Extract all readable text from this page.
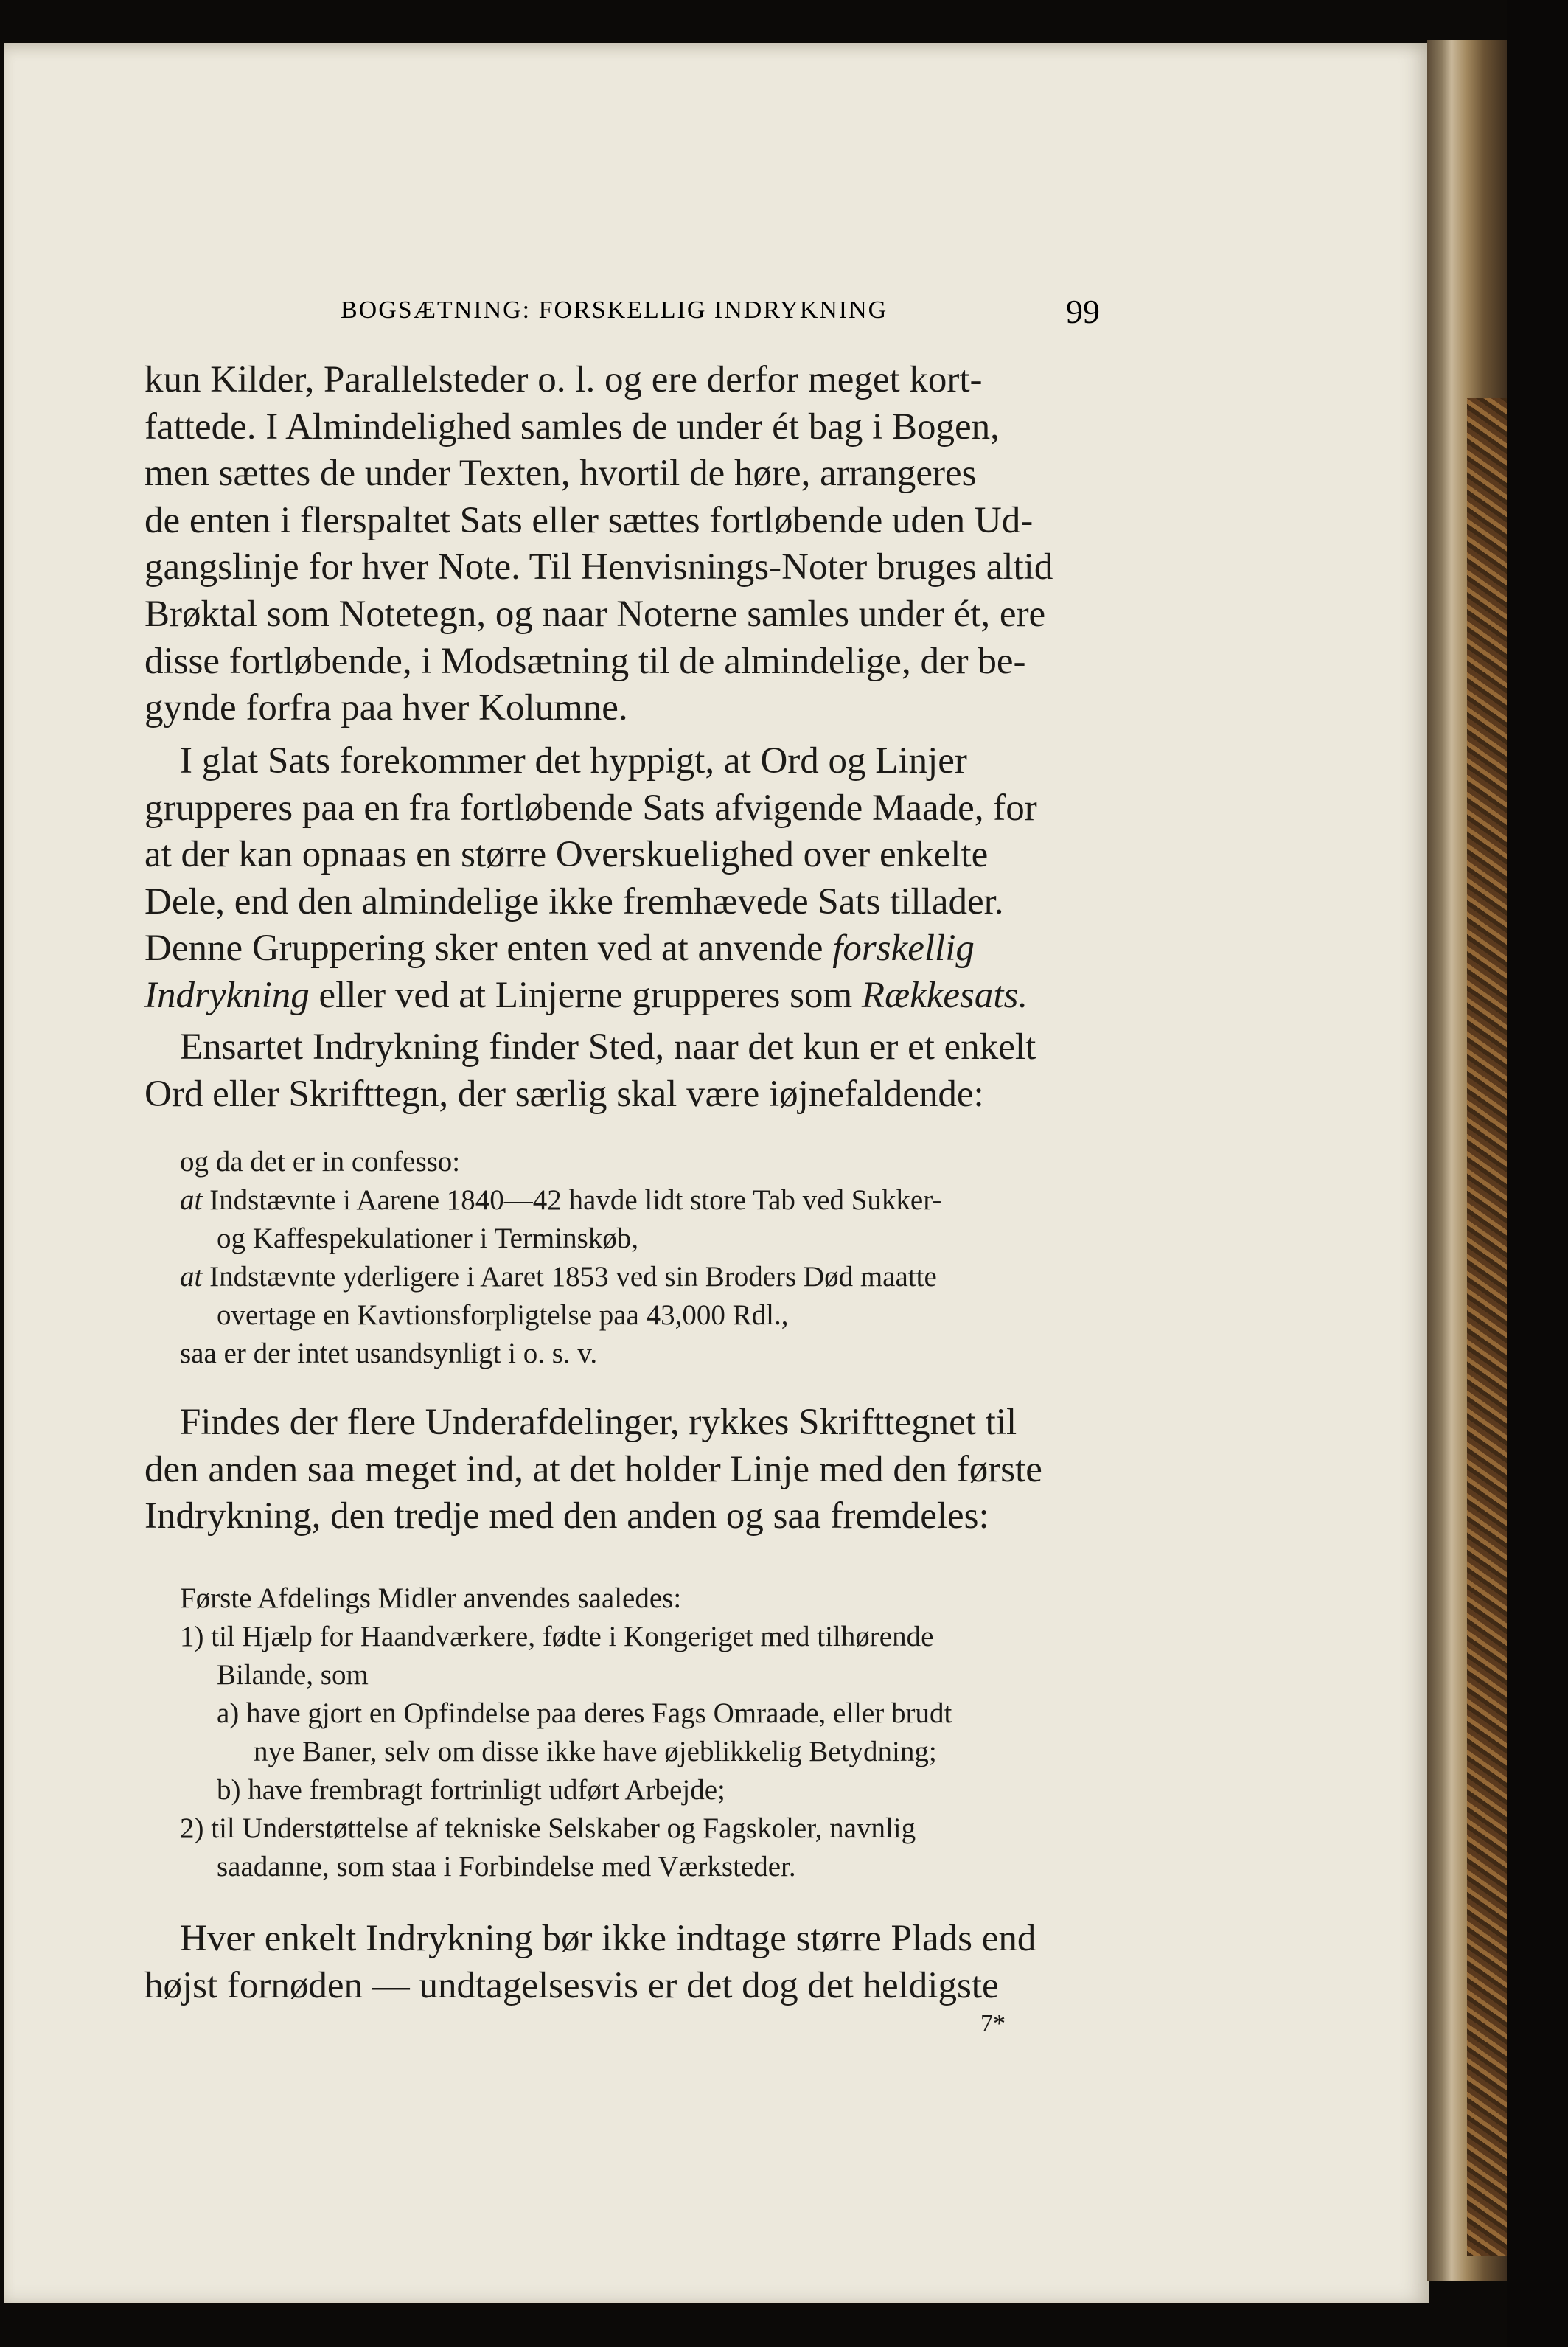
BOGSÆTNING: FORSKELLIG INDRYKNING	99
kun Kilder, Parallelsteder o. l. og ere derfor meget kort-
fattede. I Almindelighed samles de under ét bag i Bogen,
men sættes de under Texten, hvortil de høre, arrangeres
de enten i flerspaltet Sats eller sættes fortløbende uden Ud-
gangslinje for hver Note. Til Henvisnings-Noter bruges altid
Brøktal som Notetegn, og naar Noterne samles under ét, ere
disse fortløbende, i Modsætning til de almindelige, der be-
gynde forfra paa hver Kolumne.
I glat Sats forekommer det hyppigt, at Ord og Linjer
grupperes paa en fra fortløbende Sats afvigende Maade, for
at der kan opnaas en større Overskuelighed over enkelte
Dele, end den almindelige ikke fremhævede Sats tillader.
Denne Gruppering sker enten ved at anvende forskellig
Indrykning eller ved at Linjerne grupperes som Rækkesats.
Ensartet Indrykning finder Sted, naar det kun er et enkelt
Ord eller Skrifttegn, der særlig skal være iøjnefaldende:
og da det er in confesso:
at Indstævnte i Aarene 1840—42 havde lidt store Tab ved Sukker-
og Kaffespekulationer i Terminskøb,
at Indstævnte yderligere i Aaret 1853 ved sin Broders Død maatte
overtage en Kavtionsforpligtelse paa 43,000 Rdl.,
saa er der intet usandsynligt i o. s. v.
Findes der flere Underafdelinger, rykkes Skrifttegnet til
den anden saa meget ind, at det holder Linje med den første
Indrykning, den tredje med den anden og saa fremdeles:
Første Afdelings Midler anvendes saaledes:
1) til Hjælp for Haandværkere, fødte i Kongeriget med tilhørende
Bilande, som
a) have gjort en Opfindelse paa deres Fags Omraade, eller brudt
nye Baner, selv om disse ikke have øjeblikkelig Betydning;
b) have frembragt fortrinligt udført Arbejde;
2) til Understøttelse af tekniske Selskaber og Fagskoler, navnlig
saadanne, som staa i Forbindelse med Værksteder.
Hver enkelt Indrykning bør ikke indtage større Plads end
højst fornøden — undtagelsesvis er det dog det heldigste
7*
